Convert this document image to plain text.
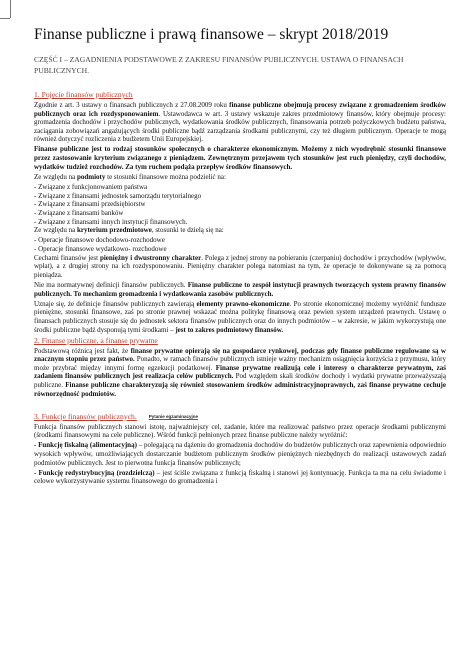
Finanse publiczne i prawą finansowe – skrypt 2018/2019
CZĘŚĆ I – ZAGADNIENIA PODSTAWOWE Z ZAKRESU FINANSÓW PUBLICZNYCH. USTAWA O FINANSACH PUBLICZNYCH.
1. Pojęcie finansów publicznych

Zgodnie z art. 3 ustawy o finansach publicznych z 27.08.2009 roku finanse publiczne obejmują procesy związane z gromadzeniem środków publicznych oraz ich rozdysponowaniem. Ustawodawca w art. 3 ustawy wskazuje zakres przedmiotowy finansów, który obejmuje procesy: gromadzenia dochodów i przychodów publicznych, wydatkowania środków publicznych, finansowania potrzeb pożyczkowych budżetu państwa, zaciągania zobowiązań angażujących środki publiczne bądź zarządzania środkami publicznymi, czy też długiem publicznym. Operacje te mogą również dotyczyć rozliczenia z budżetem Unii Europejskiej.

Finanse publiczne jest to rodzaj stosunków społecznych o charakterze ekonomicznym. Możemy z nich wyodrębnić stosunki finansowe przez zastosowanie kryterium związanego z pieniądzem. Zewnętrznym przejawem tych stosunków jest ruch pieniędzy, czyli dochodów, wydatków tudzież rozchodów. Za tym ruchem podąża przepływ środków finansowych.

Ze względu na podmioty te stosunki finansowe można podzielić na:

- Związane z funkcjonowaniem państwa
- Związane z finansami jednostek samorządu terytorialnego
- Związane z finansami przedsiębiorstw
- Związane z finansami banków
- Związane z finansami innych instytucji finansowych.

Ze względu na kryterium przedmiotowe, stosunki te dzielą się na:

- Operacje finansowe dochodowo-rozchodowe
- Operacje finansowe wydatkowo- rozchodowe

Cechami finansów jest pieniężny i dwustronny charakter. Polega z jednej strony na pobieraniu (czerpaniu) dochodów i przychodów (wpływów, wpłat), a z drugiej strony na ich rozdysponowaniu. Pieniężny charakter polega natomiast na tym, że operacje te dokonywane są za pomocą pieniądza.

Nie ma normatywnej definicji finansów publicznych. Finanse publiczne to zespół instytucji prawnych tworzących system prawny finansów publicznych. To mechanizm gromadzenia i wydatkowania zasobów publicznych.

Uznaje się, że definicje finansów publicznych zawierają elementy prawno-ekonomiczne. Po stronie ekonomicznej możemy wyróżnić fundusze pieniężne, stosunki finansowe, zaś po stronie prawnej wskazać można politykę finansową oraz pewien system urządzeń prawnych. Ustawę o finansach publicznych stosuje się do jednostek sektora finansów publicznych oraz do innych podmiotów – w zakresie, w jakim wykorzystują one środki publiczne bądź dysponują tymi środkami – jest to zakres podmiotowy finansów.

2. Finanse publiczne, a finanse prywatne

Podstawową różnicą jest fakt, że finanse prywatne opierają się na gospodarce rynkowej, podczas gdy finanse publiczne regulowane są w znacznym stopniu przez państwo. Ponadto, w ramach finansów publicznych istnieje ważny mechanizm osiągnięcia korzyścia z przymusu, który może przybrać między innymi formę egzekucji podatkowej. Finanse prywatne realizują cele i interesy o charakterze prywatnym, zaś zadaniem finansów publicznych jest realizacja celów publicznych. Pod względem skali środków dochody i wydatki prywatne przeważyszają publiczne. Finanse publiczne charakteryzują się również stosowaniem środków administracyjnoprawnych, zaś finanse prywatne cechuje równorzędność podmiotów.

3. Funkcje finansów publicznych.	Pytanie egzaminacyjne

Funkcja finansów publicznych stanowi istotę, najważniejszy cel, zadanie, które ma realizować państwo przez operacje środkami publicznymi (środkami finansowymi na cele publiczne). Wśród funkcji pełnionych przez finanse publiczne należy wyróżnić:

- Funkcję fiskalną (alimentacyjną) – polegającą na dążeniu do gromadzenia dochodów do budżetów publicznych oraz zapewnienia odpowiednio wysokich wpływów, umożliwiających dostarczanie budżetom publicznym środków pieniężnych niezbędnych do realizacji ustawowych zadań podmiotów publicznych. Jest to pierwotna funkcja finansów publicznych;

- Funkcję redystrybucyjną (rozdzielczą) – jest ściśle związana z funkcją fiskalną i stanowi jej kontynuację. Funkcja ta ma na celu świadome i celowe wykorzystywanie systemu finansowego do gromadzenia i
